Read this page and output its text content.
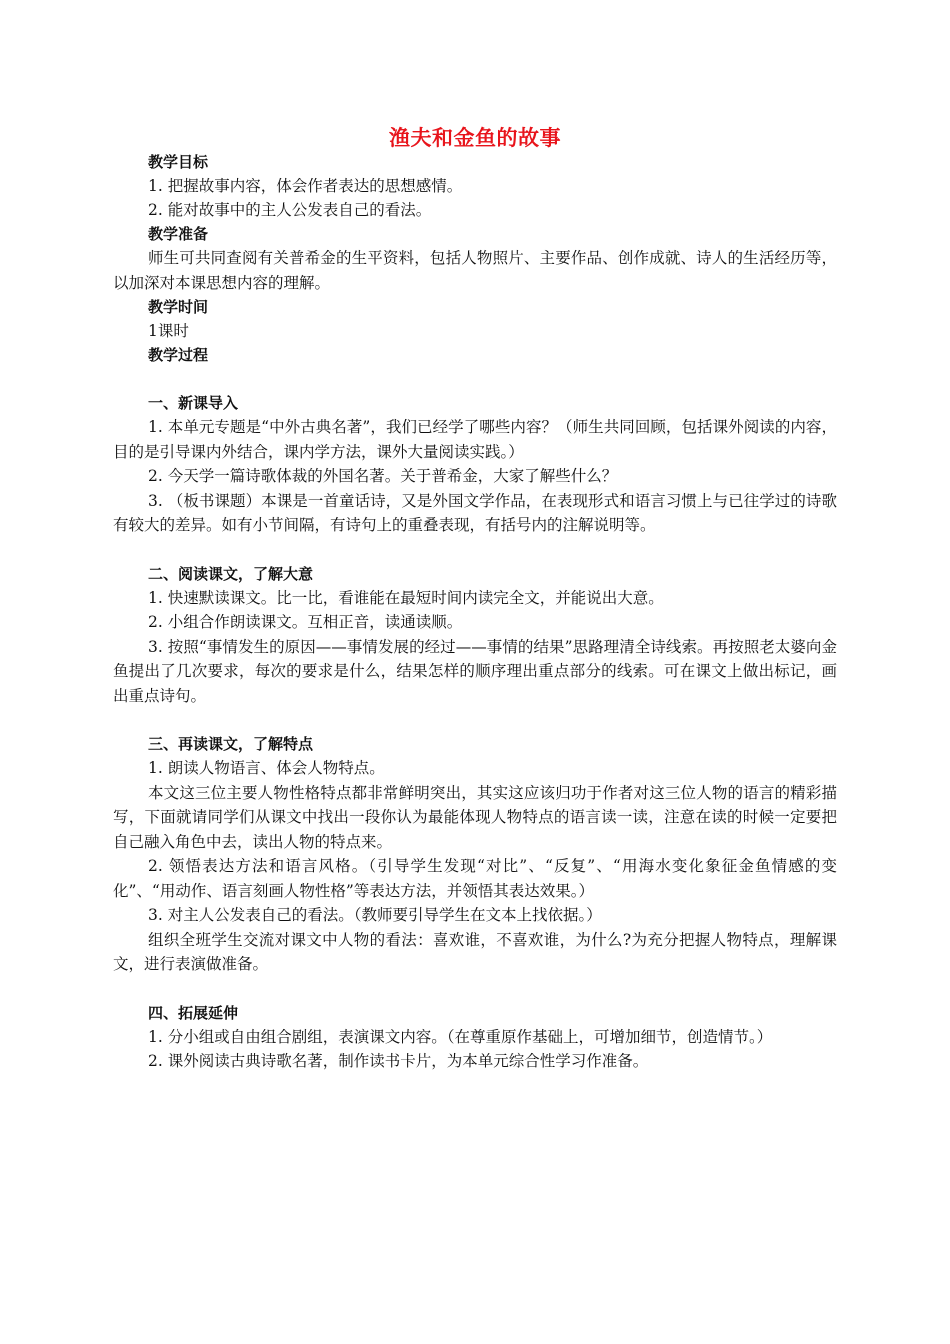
渔夫和金鱼的故事
教学目标
1. 把握故事内容，体会作者表达的思想感情。
2. 能对故事中的主人公发表自己的看法。
教学准备
师生可共同查阅有关普希金的生平资料，包括人物照片、主要作品、创作成就、诗人的生活经历等，以加深对本课思想内容的理解。
教学时间
1课时
教学过程
一、新课导入
1. 本单元专题是“中外古典名著”，我们已经学了哪些内容？（师生共同回顾，包括课外阅读的内容，目的是引导课内外结合，课内学方法，课外大量阅读实践。）
2. 今天学一篇诗歌体裁的外国名著。关于普希金，大家了解些什么？
3. （板书课题）本课是一首童话诗，又是外国文学作品，在表现形式和语言习惯上与已往学过的诗歌有较大的差异。如有小节间隔，有诗句上的重叠表现，有括号内的注解说明等。
二、阅读课文，了解大意
1. 快速默读课文。比一比，看谁能在最短时间内读完全文，并能说出大意。
2. 小组合作朗读课文。互相正音，读通读顺。
3. 按照“事情发生的原因——事情发展的经过——事情的结果”思路理清全诗线索。再按照老太婆向金鱼提出了几次要求，每次的要求是什么，结果怎样的顺序理出重点部分的线索。可在课文上做出标记，画出重点诗句。
三、再读课文，了解特点
1. 朗读人物语言、体会人物特点。
本文这三位主要人物性格特点都非常鲜明突出，其实这应该归功于作者对这三位人物的语言的精彩描写，下面就请同学们从课文中找出一段你认为最能体现人物特点的语言读一读，注意在读的时候一定要把自己融入角色中去，读出人物的特点来。
2. 领悟表达方法和语言风格。（引导学生发现“对比”、“反复”、“用海水变化象征金鱼情感的变化”、“用动作、语言刻画人物性格”等表达方法，并领悟其表达效果。）
3. 对主人公发表自己的看法。（教师要引导学生在文本上找依据。）
组织全班学生交流对课文中人物的看法：喜欢谁，不喜欢谁，为什么?为充分把握人物特点，理解课文，进行表演做准备。
四、拓展延伸
1. 分小组或自由组合剧组，表演课文内容。（在尊重原作基础上，可增加细节，创造情节。）
2. 课外阅读古典诗歌名著，制作读书卡片，为本单元综合性学习作准备。
